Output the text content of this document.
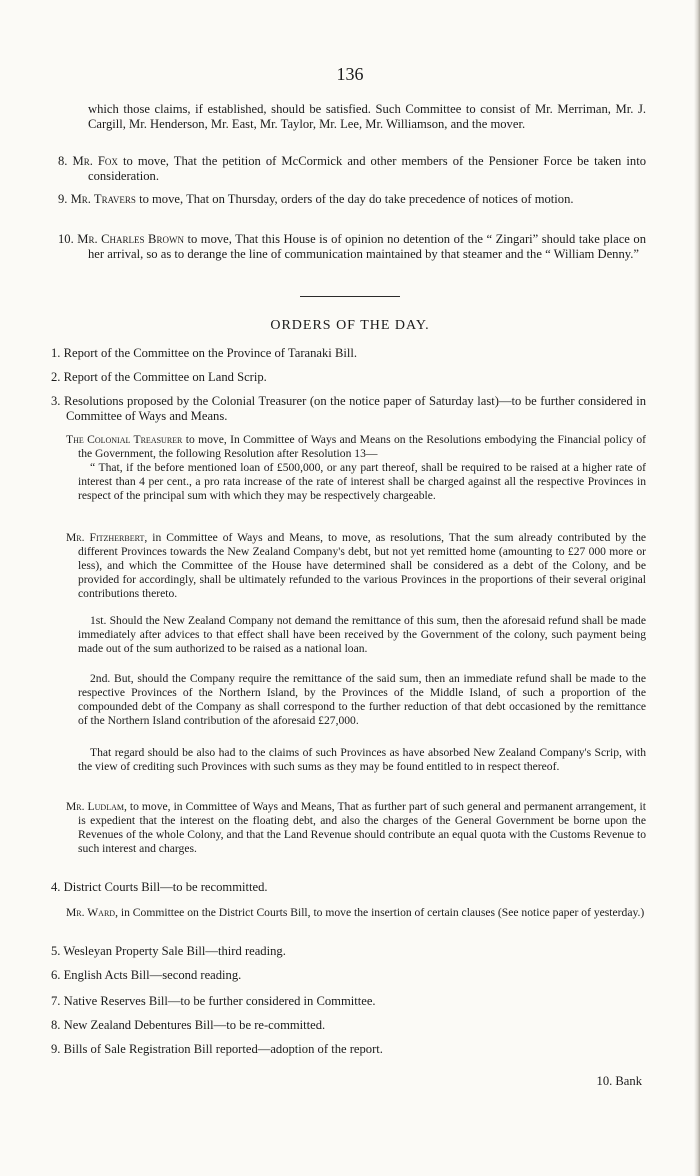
136
which those claims, if established, should be satisfied. Such Committee to consist of Mr. Merriman, Mr. J. Cargill, Mr. Henderson, Mr. East, Mr. Taylor, Mr. Lee, Mr. Williamson, and the mover.
8. Mr. Fox to move, That the petition of McCormick and other members of the Pensioner Force be taken into consideration.
9. Mr. Travers to move, That on Thursday, orders of the day do take precedence of notices of motion.
10. Mr. Charles Brown to move, That this House is of opinion no detention of the “ Zingari” should take place on her arrival, so as to derange the line of communication maintained by that steamer and the “ William Denny.”
ORDERS OF THE DAY.
1. Report of the Committee on the Province of Taranaki Bill.
2. Report of the Committee on Land Scrip.
3. Resolutions proposed by the Colonial Treasurer (on the notice paper of Saturday last)—to be further considered in Committee of Ways and Means.
The Colonial Treasurer to move, In Committee of Ways and Means on the Resolutions embodying the Financial policy of the Government, the following Resolution after Resolution 13—
“ That, if the before mentioned loan of £500,000, or any part thereof, shall be required to be raised at a higher rate of interest than 4 per cent., a pro rata increase of the rate of interest shall be charged against all the respective Provinces in respect of the principal sum with which they may be respectively chargeable.
Mr. Fitzherbert, in Committee of Ways and Means, to move, as resolutions, That the sum already contributed by the different Provinces towards the New Zealand Company's debt, but not yet remitted home (amounting to £27 000 more or less), and which the Committee of the House have determined shall be considered as a debt of the Colony, and be provided for accordingly, shall be ultimately refunded to the various Provinces in the proportions of their several original contributions thereto.
1st. Should the New Zealand Company not demand the remittance of this sum, then the aforesaid refund shall be made immediately after advices to that effect shall have been received by the Government of the colony, such payment being made out of the sum authorized to be raised as a national loan.
2nd. But, should the Company require the remittance of the said sum, then an immediate refund shall be made to the respective Provinces of the Northern Island, by the Provinces of the Middle Island, of such a proportion of the compounded debt of the Company as shall correspond to the further reduction of that debt occasioned by the remittance of the Northern Island contribution of the aforesaid £27,000.
That regard should be also had to the claims of such Provinces as have absorbed New Zealand Company's Scrip, with the view of crediting such Provinces with such sums as they may be found entitled to in respect thereof.
Mr. Ludlam, to move, in Committee of Ways and Means, That as further part of such general and permanent arrangement, it is expedient that the interest on the floating debt, and also the charges of the General Government be borne upon the Revenues of the whole Colony, and that the Land Revenue should contribute an equal quota with the Customs Revenue to such interest and charges.
4. District Courts Bill—to be recommitted.
Mr. Ward, in Committee on the District Courts Bill, to move the insertion of certain clauses (See notice paper of yesterday.)
5. Wesleyan Property Sale Bill—third reading.
6. English Acts Bill—second reading.
7. Native Reserves Bill—to be further considered in Committee.
8. New Zealand Debentures Bill—to be re-committed.
9. Bills of Sale Registration Bill reported—adoption of the report.
10. Bank
